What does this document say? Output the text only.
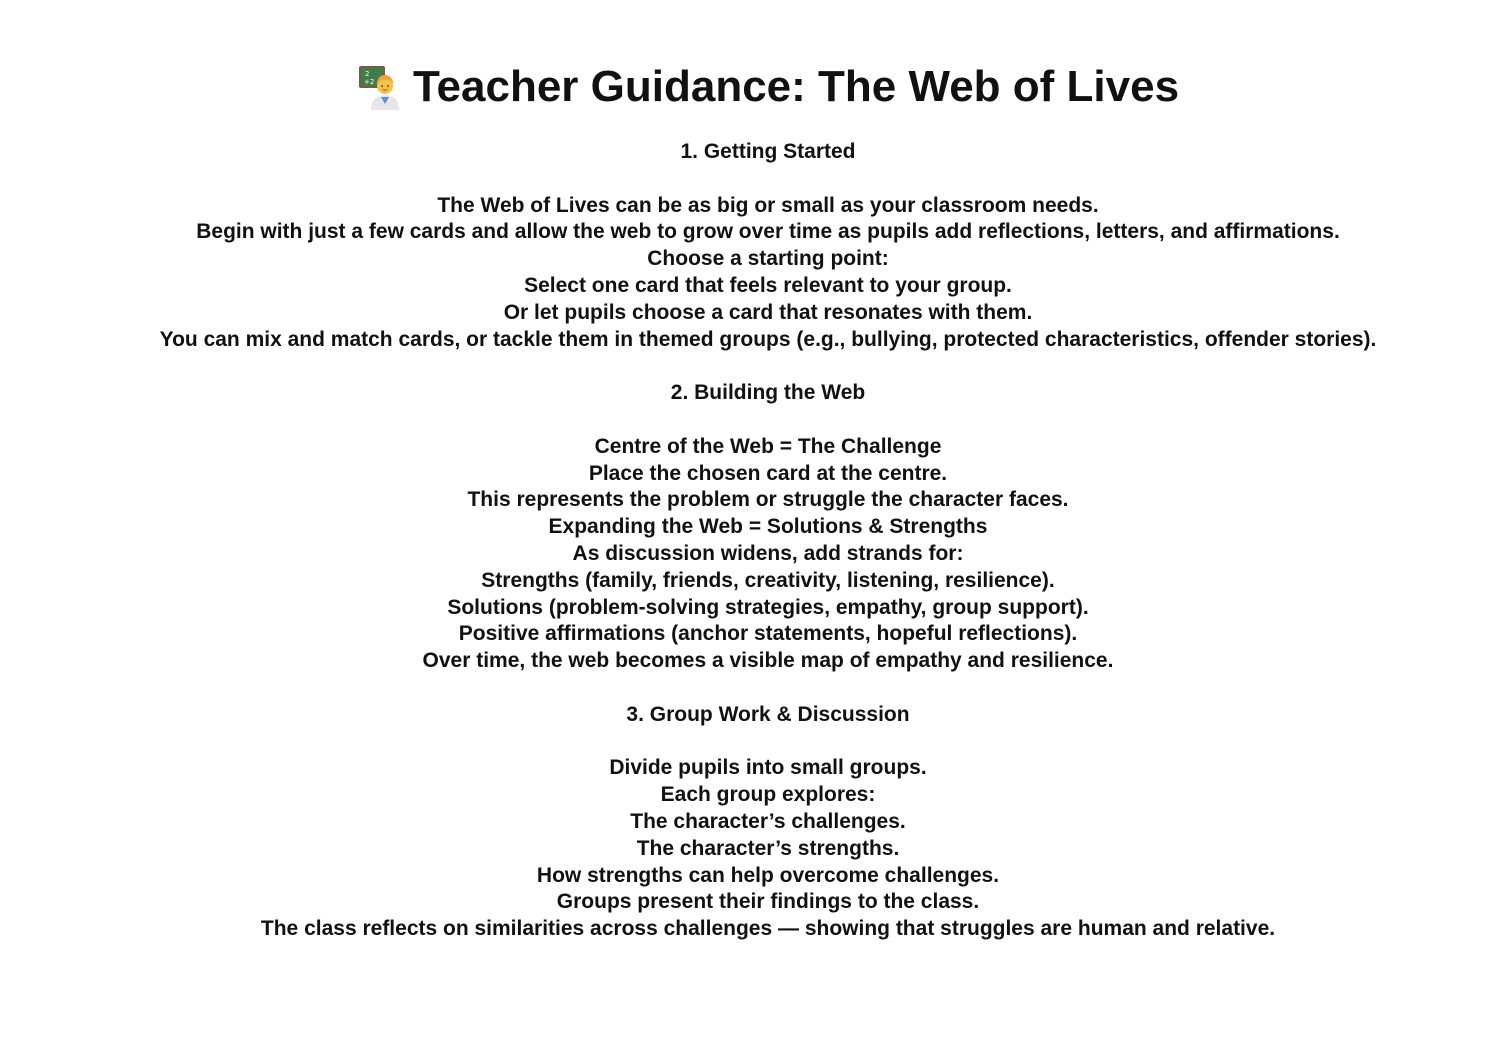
2
+2 Teacher Guidance: The Web of Lives
1. Getting Started
The Web of Lives can be as big or small as your classroom needs.
Begin with just a few cards and allow the web to grow over time as pupils add reflections, letters, and affirmations.
Choose a starting point:
Select one card that feels relevant to your group.
Or let pupils choose a card that resonates with them.
You can mix and match cards, or tackle them in themed groups (e.g., bullying, protected characteristics, offender stories).
2. Building the Web
Centre of the Web = The Challenge
Place the chosen card at the centre.
This represents the problem or struggle the character faces.
Expanding the Web = Solutions & Strengths
As discussion widens, add strands for:
Strengths (family, friends, creativity, listening, resilience).
Solutions (problem-solving strategies, empathy, group support).
Positive affirmations (anchor statements, hopeful reflections).
Over time, the web becomes a visible map of empathy and resilience.
3. Group Work & Discussion
Divide pupils into small groups.
Each group explores:
The character’s challenges.
The character’s strengths.
How strengths can help overcome challenges.
Groups present their findings to the class.
The class reflects on similarities across challenges — showing that struggles are human and relative.
